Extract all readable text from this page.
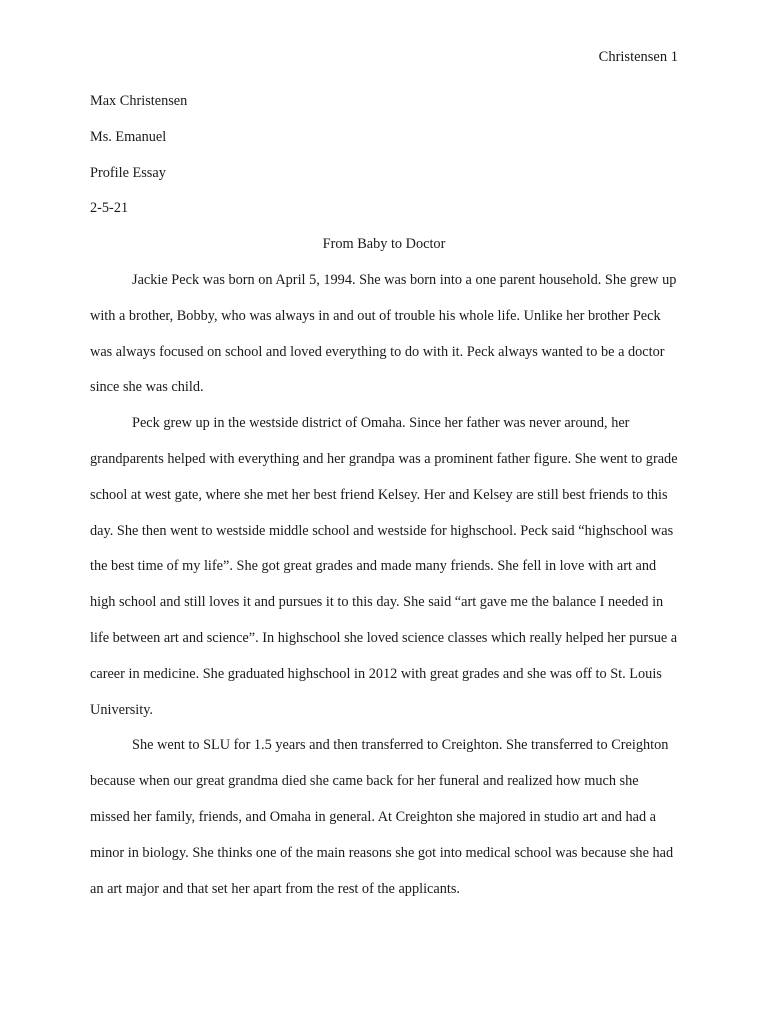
Christensen 1

Max Christensen

Ms. Emanuel

Profile Essay

2-5-21

From Baby to Doctor

Jackie Peck was born on April 5, 1994. She was born into a one parent household. She grew up with a brother, Bobby, who was always in and out of trouble his whole life. Unlike her brother Peck was always focused on school and loved everything to do with it. Peck always wanted to be a doctor since she was child.

Peck grew up in the westside district of Omaha. Since her father was never around, her grandparents helped with everything and her grandpa was a prominent father figure. She went to grade school at west gate, where she met her best friend Kelsey. Her and Kelsey are still best friends to this day. She then went to westside middle school and westside for highschool. Peck said “highschool was the best time of my life”. She got great grades and made many friends. She fell in love with art and high school and still loves it and pursues it to this day. She said “art gave me the balance I needed in life between art and science”. In highschool she loved science classes which really helped her pursue a career in medicine. She graduated highschool in 2012 with great grades and she was off to St. Louis University.

She went to SLU for 1.5 years and then transferred to Creighton. She transferred to Creighton because when our great grandma died she came back for her funeral and realized how much she missed her family, friends, and Omaha in general. At Creighton she majored in studio art and had a minor in biology. She thinks one of the main reasons she got into medical school was because she had an art major and that set her apart from the rest of the applicants.
